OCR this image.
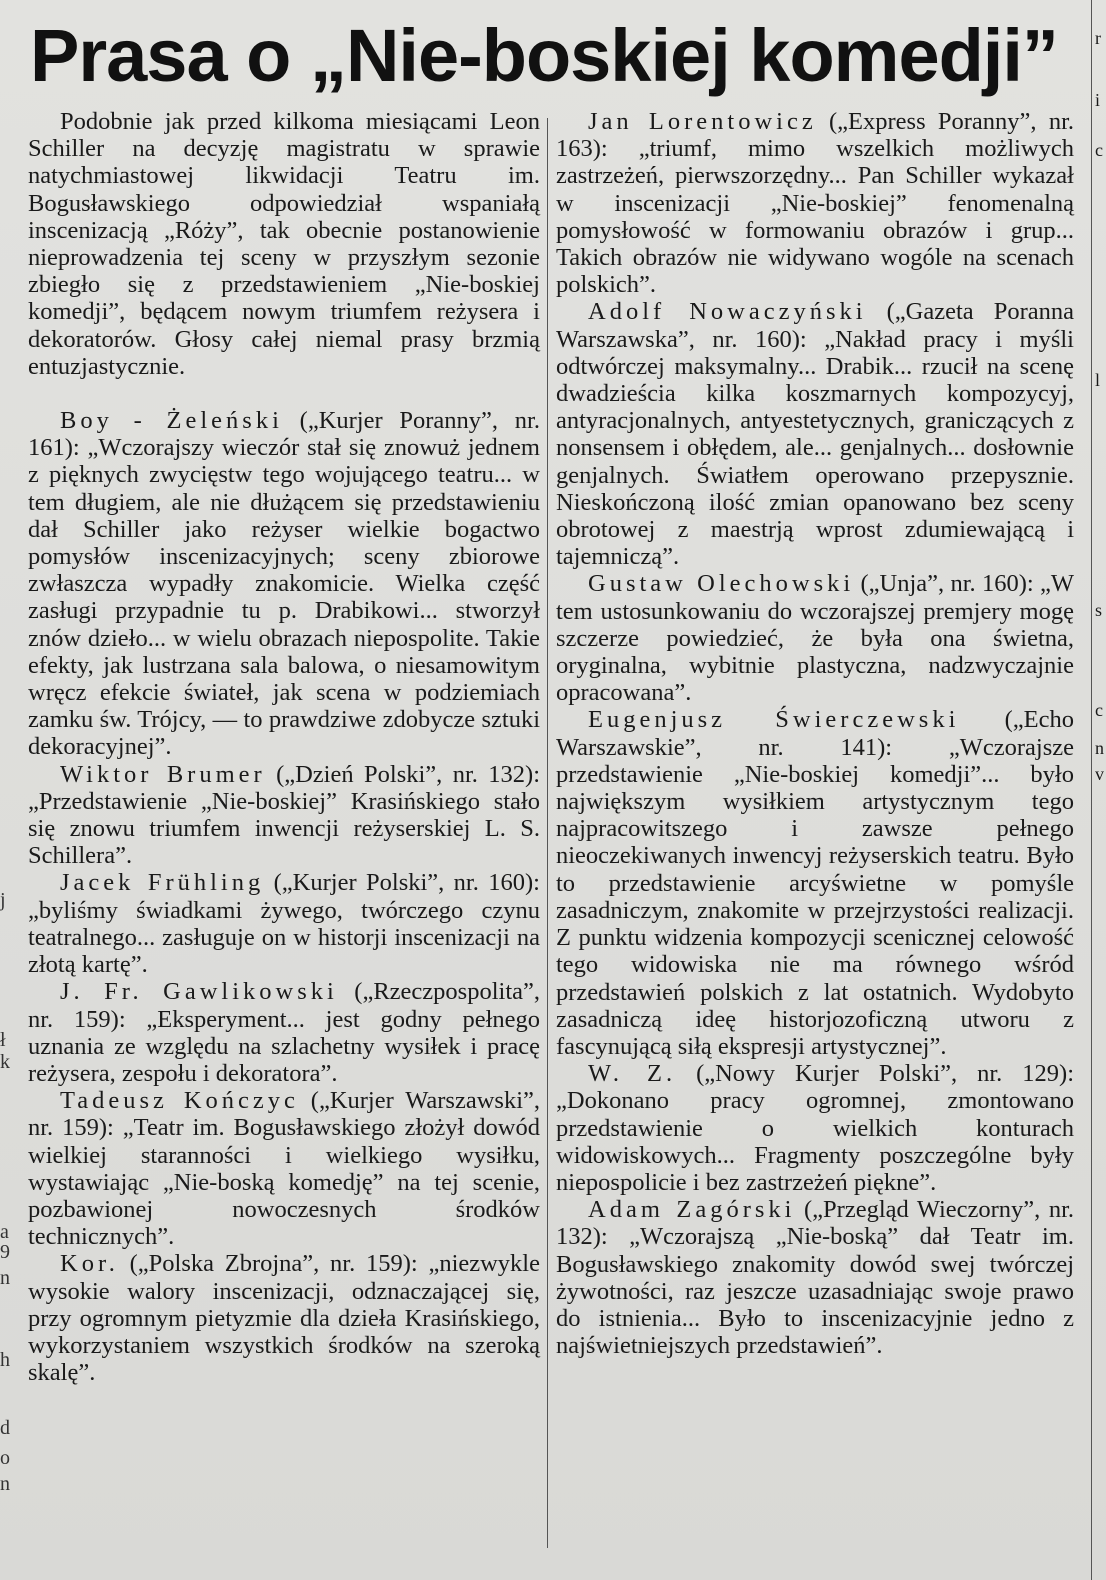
j
ł
k
a
9
n
h
d
o
n
r
i
c
l
s
c
n
v
Prasa o „Nie-boskiej komedji”

Podobnie jak przed kilkoma miesiącami Leon Schiller na decyzję magistratu w sprawie natychmiastowej likwidacji Teatru im. Bogusławskiego odpowiedział wspaniałą inscenizacją „Róży”, tak obecnie postanowienie nieprowadzenia tej sceny w przyszłym sezonie zbiegło się z przedstawieniem „Nie-boskiej komedji”, będącem nowym triumfem reżysera i dekoratorów. Głosy całej niemal prasy brzmią entuzjastycznie.

Boy - Żeleński („Kurjer Poranny”, nr. 161): „Wczorajszy wieczór stał się znowuż jednem z pięknych zwycięstw tego wojującego teatru... w tem długiem, ale nie dłużącem się przedstawieniu dał Schiller jako reżyser wielkie bogactwo pomysłów inscenizacyjnych; sceny zbiorowe zwłaszcza wypadły znakomicie. Wielka część zasługi przypadnie tu p. Drabikowi... stworzył znów dzieło... w wielu obrazach niepospolite. Takie efekty, jak lustrzana sala balowa, o niesamowitym wręcz efekcie świateł, jak scena w podziemiach zamku św. Trójcy, — to prawdziwe zdobycze sztuki dekoracyjnej”.

Wiktor Brumer („Dzień Polski”, nr. 132): „Przedstawienie „Nie-boskiej” Krasińskiego stało się znowu triumfem inwencji reżyserskiej L. S. Schillera”.

Jacek Frühling („Kurjer Polski”, nr. 160): „byliśmy świadkami żywego, twórczego czynu teatralnego... zasługuje on w historji inscenizacji na złotą kartę”.

J. Fr. Gawlikowski („Rzeczpospolita”, nr. 159): „Eksperyment... jest godny pełnego uznania ze względu na szlachetny wysiłek i pracę reżysera, zespołu i dekoratora”.

Tadeusz Kończyc („Kurjer Warszawski”, nr. 159): „Teatr im. Bogusławskiego złożył dowód wielkiej staranności i wielkiego wysiłku, wystawiając „Nie-boską komedję” na tej scenie, pozbawionej nowoczesnych środków technicznych”.

Kor. („Polska Zbrojna”, nr. 159): „niezwykle wysokie walory inscenizacji, odznaczającej się, przy ogromnym pietyzmie dla dzieła Krasińskiego, wykorzystaniem wszystkich środków na szeroką skalę”.

Jan Lorentowicz („Express Poranny”, nr. 163): „triumf, mimo wszelkich możliwych zastrzeżeń, pierwszorzędny... Pan Schiller wykazał w inscenizacji „Nie-boskiej” fenomenalną pomysłowość w formowaniu obrazów i grup... Takich obrazów nie widywano wogóle na scenach polskich”.

Adolf Nowaczyński („Gazeta Poranna Warszawska”, nr. 160): „Nakład pracy i myśli odtwórczej maksymalny... Drabik... rzucił na scenę dwadzieścia kilka koszmarnych kompozycyj, antyracjonalnych, antyestetycznych, graniczących z nonsensem i obłędem, ale... genjalnych... dosłownie genjalnych. Światłem operowano przepysznie. Nieskończoną ilość zmian opanowano bez sceny obrotowej z maestrją wprost zdumiewającą i tajemniczą”.

Gustaw Olechowski („Unja”, nr. 160): „W tem ustosunkowaniu do wczorajszej premjery mogę szczerze powiedzieć, że była ona świetna, oryginalna, wybitnie plastyczna, nadzwyczajnie opracowana”.

Eugenjusz Świerczewski („Echo Warszawskie”, nr. 141): „Wczorajsze przedstawienie „Nie-boskiej komedji”... było największym wysiłkiem artystycznym tego najpracowitszego i zawsze pełnego nieoczekiwanych inwencyj reżyserskich teatru. Było to przedstawienie arcyświetne w pomyśle zasadniczym, znakomite w przejrzystości realizacji. Z punktu widzenia kompozycji scenicznej celowość tego widowiska nie ma równego wśród przedstawień polskich z lat ostatnich. Wydobyto zasadniczą ideę historjozoficzną utworu z fascynującą siłą ekspresji artystycznej”.

W. Z. („Nowy Kurjer Polski”, nr. 129): „Dokonano pracy ogromnej, zmontowano przedstawienie o wielkich konturach widowiskowych... Fragmenty poszczególne były niepospolicie i bez zastrzeżeń piękne”.

Adam Zagórski („Przegląd Wieczorny”, nr. 132): „Wczorajszą „Nie-boską” dał Teatr im. Bogusławskiego znakomity dowód swej twórczej żywotności, raz jeszcze uzasadniając swoje prawo do istnienia... Było to inscenizacyjnie jedno z najświetniejszych przedstawień”.
